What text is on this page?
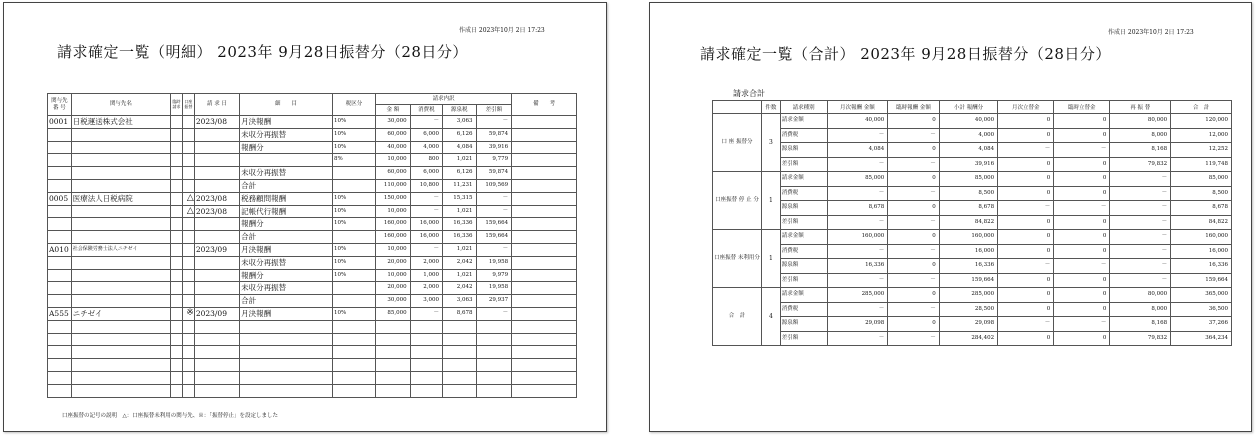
作成日 2023年10月 2日 17:23
請求確定一覧（明細） 2023年 9月28日振替分（28日分）
関与先番 号	関与先名	臨時請求	口座振替	請 求 日	細　　目	税区分	請求内訳				備　　考
							金 額	消費税	源泉税	差引額	
0001	日税運送株式会社			2023/08	月決報酬	10%	30,000	－	3,063	－	
					未収分再振替	10%	60,000	6,000	6,126	59,874	
					報酬分	10%	40,000	4,000	4,084	39,916	
						8%	10,000	800	1,021	9,779	
					未収分再振替		60,000	6,000	6,126	59,874	
					合計		110,000	10,800	11,231	109,569	
0005	医療法人日税病院		△	2023/08	税務顧問報酬	10%	150,000	－	15,315	－	
			△	2023/08	記帳代行報酬	10%	10,000	－	1,021	－	
					報酬分	10%	160,000	16,000	16,336	159,664	
					合計		160,000	16,000	16,336	159,664	
A010	社会保険労務士法人ニチゼイ			2023/09	月決報酬	10%	10,000	－	1,021	－	
					未収分再振替	10%	20,000	2,000	2,042	19,958	
					報酬分	10%	10,000	1,000	1,021	9,979	
					未収分再振替		20,000	2,000	2,042	19,958	
					合計		30,000	3,000	3,063	29,937	
A555	ニチゼイ		※	2023/09	月決報酬	10%	85,000	－	8,678	－	

口座振替の記号の説明　△：口座振替未利用の関与先、※：「振替停止」を設定しました
作成日 2023年10月 2日 17:23
請求確定一覧（合計） 2023年 9月28日振替分（28日分）
請求合計
	件数	請求種別	月次報酬 金額	臨時報酬 金額	小計 報酬分	月次立替金	臨時立替金	再 振 替	合　計
口 座 振替分	3	請求金額	40,000	0	40,000	0	0	80,000	120,000
		消費税	－	－	4,000	0	0	8,000	12,000
		源泉額	4,084	0	4,084	－	－	8,168	12,252
		差引額	－	－	39,916	0	0	79,832	119,748
口座振替 停 止 分	1	請求金額	85,000	0	85,000	0	0	－	85,000
		消費税	－	－	8,500	0	0	－	8,500
		源泉額	8,678	0	8,678	－	－	－	8,678
		差引額	－	－	84,822	0	0	－	84,822
口座振替 未利用分	1	請求金額	160,000	0	160,000	0	0	－	160,000
		消費税	－	－	16,000	0	0	－	16,000
		源泉額	16,336	0	16,336	－	－	－	16,336
		差引額	－	－	159,664	0	0	－	159,664
合　計	4	請求金額	285,000	0	285,000	0	0	80,000	365,000
		消費税	－	－	28,500	0	0	8,000	36,500
		源泉額	29,098	0	29,098	－	－	8,168	37,266
		差引額	－	－	284,402	0	0	79,832	364,234
